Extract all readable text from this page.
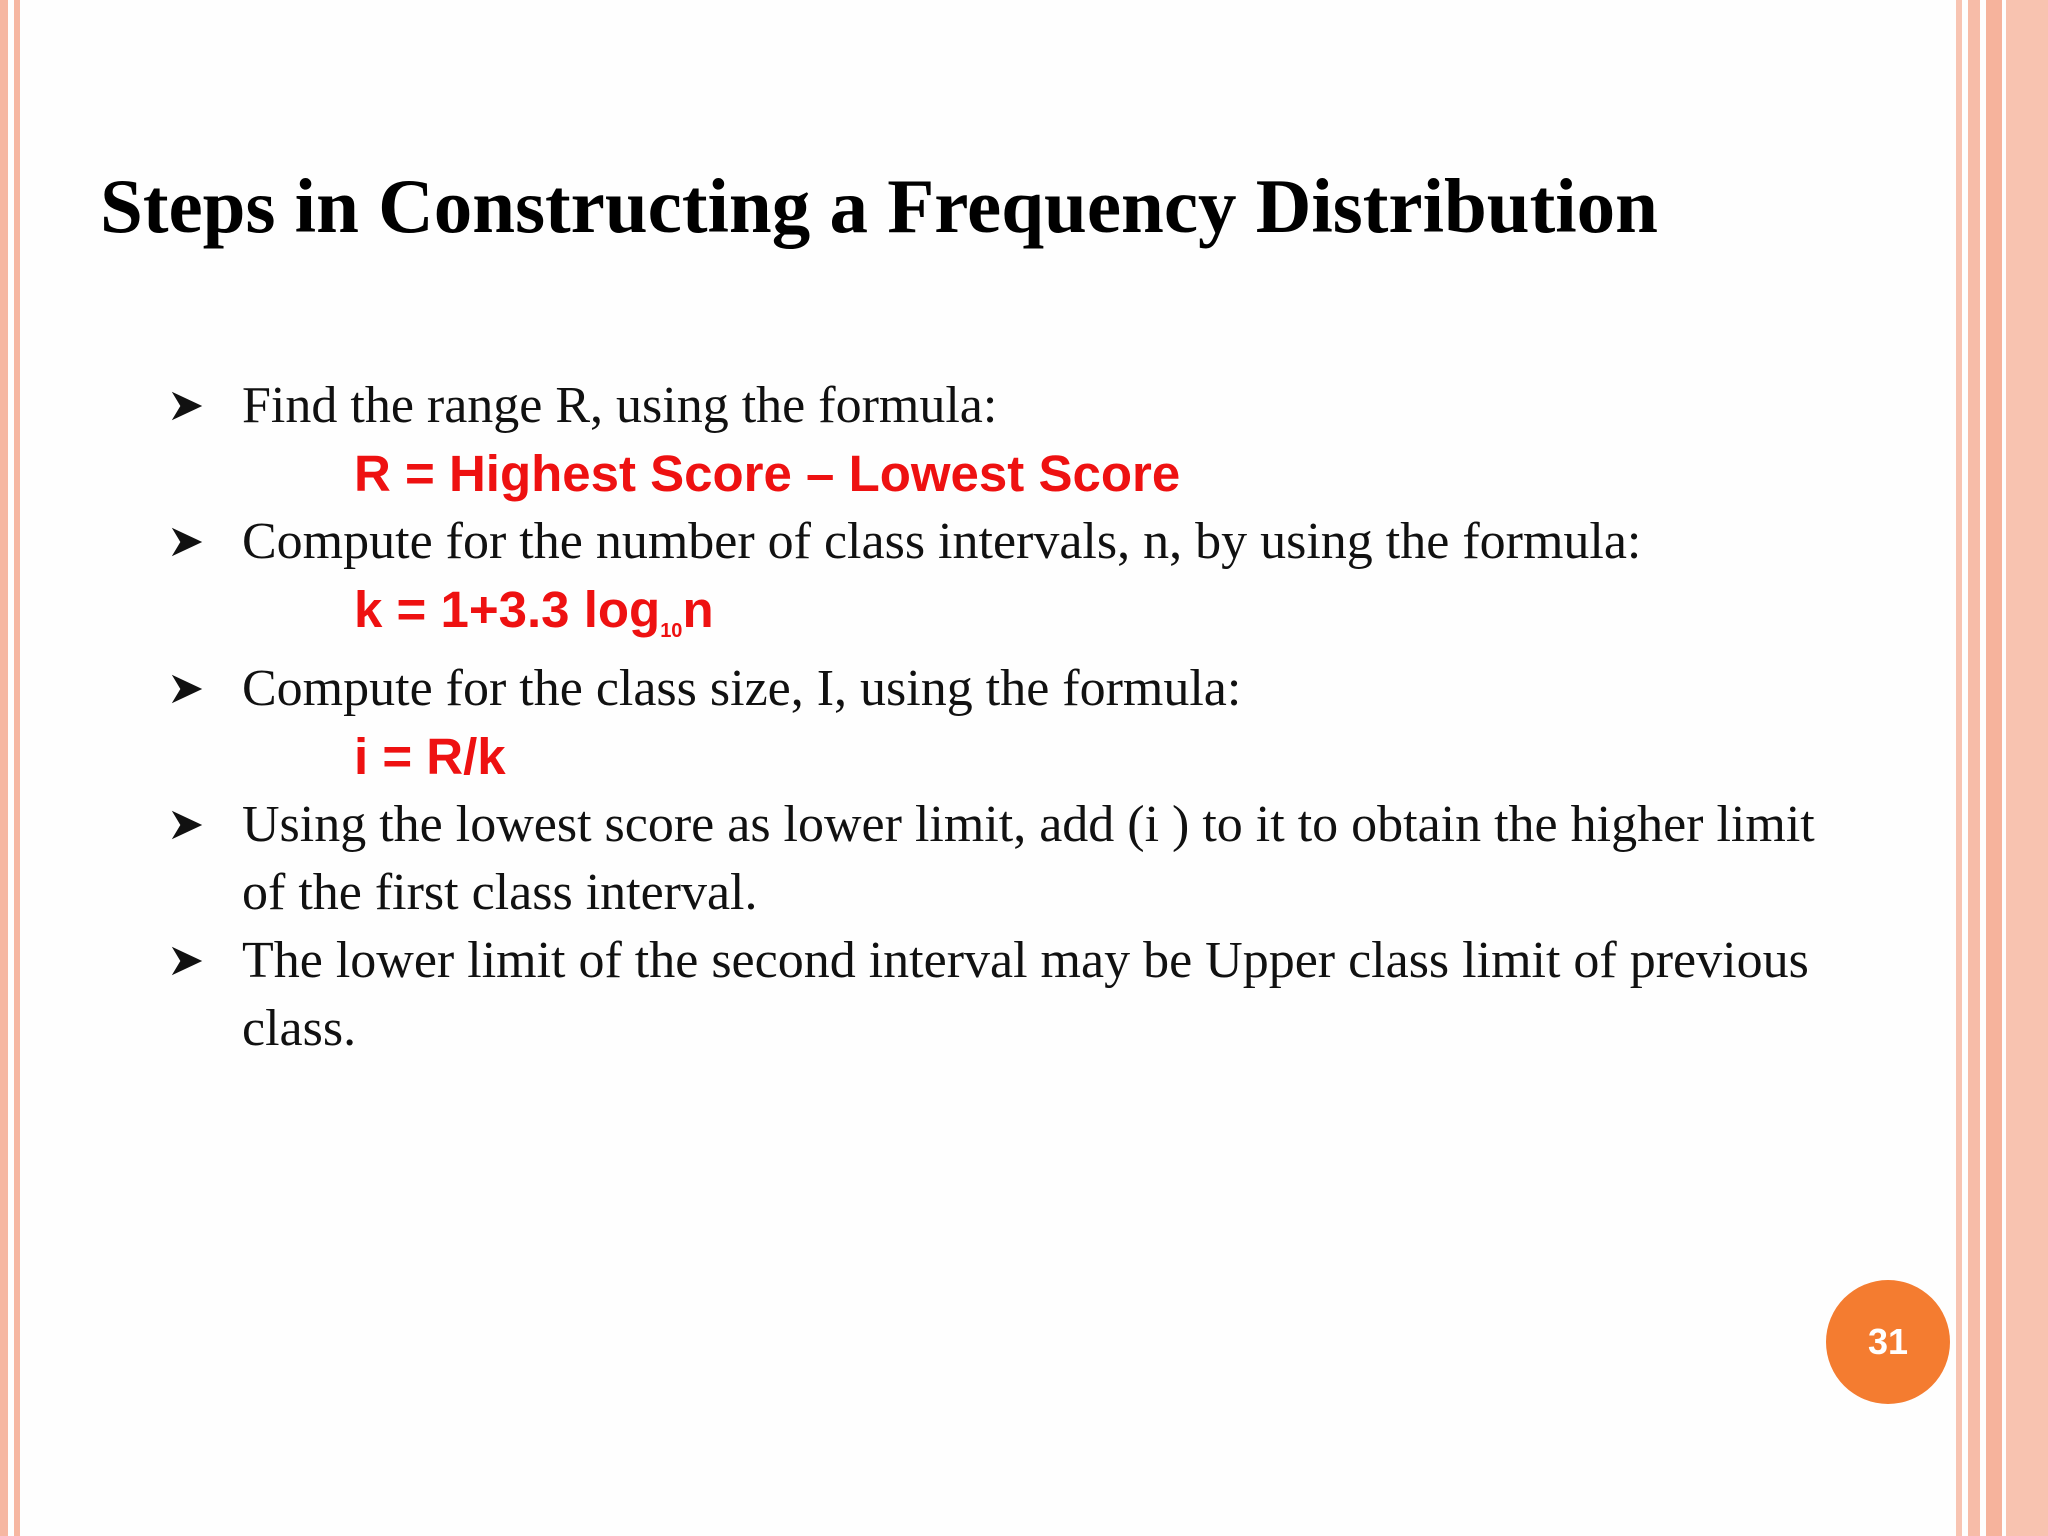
Steps in Constructing a Frequency Distribution
Find the range R, using the formula:
R = Highest Score – Lowest Score
Compute for the number of class intervals, n, by using the formula:
k = 1+3.3 log10n
Compute for the class size, I, using the formula:
i = R/k
Using the lowest score as lower limit, add (i ) to it to obtain the higher limit of the first class interval.
The lower limit of the second interval may be Upper class limit of previous class.
31
